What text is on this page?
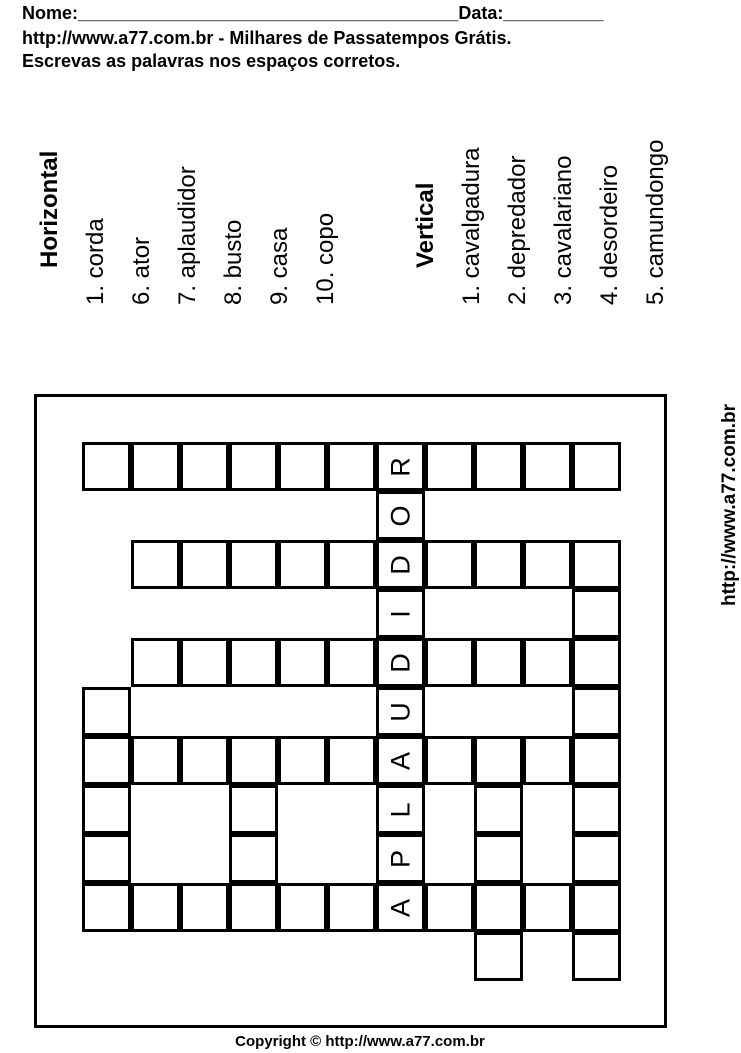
Nome:______________________________________Data:__________
http://www.a77.com.br - Milhares de Passatempos Grátis.
Escrevas as palavras nos espaços corretos.
Horizontal 1. corda 6. ator 7. aplaudidor 8. busto 9. casa 10. copo	Vertical 1. cavalgadura 2. depredador 3. cavalariano 4. desordeiro 5. camundongo
R
O
D
I
D
U
A
L
P
A
http://www.a77.com.br
Copyright © http://www.a77.com.br
